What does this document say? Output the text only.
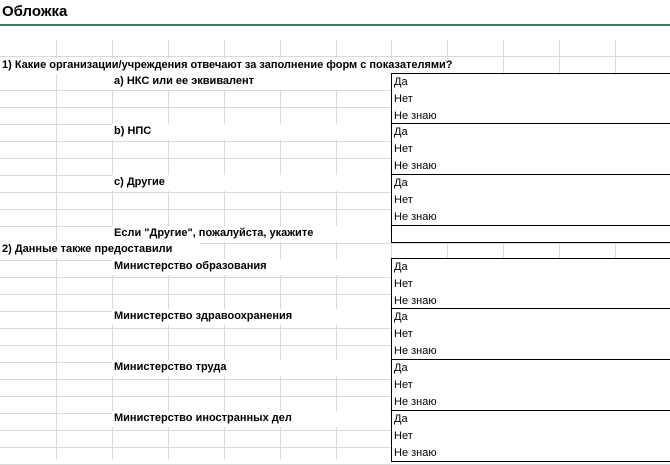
Обложка
1) Какие организации/учреждения отвечают за заполнение форм с показателями?
а) НКС или ее эквивалент	Да
Нет
Не знаю
b) НПС	Да
Нет
Не знаю
с) Другие	Да
Нет
Не знаю
Если "Другие", пожалуйста, укажите
2) Данные также предоставили
Министерство образования	Да
Нет
Не знаю
Министерство здравоохранения	Да
Нет
Не знаю
Министерство труда	Да
Нет
Не знаю
Министерство иностранных дел	Да
Нет
Не знаю
